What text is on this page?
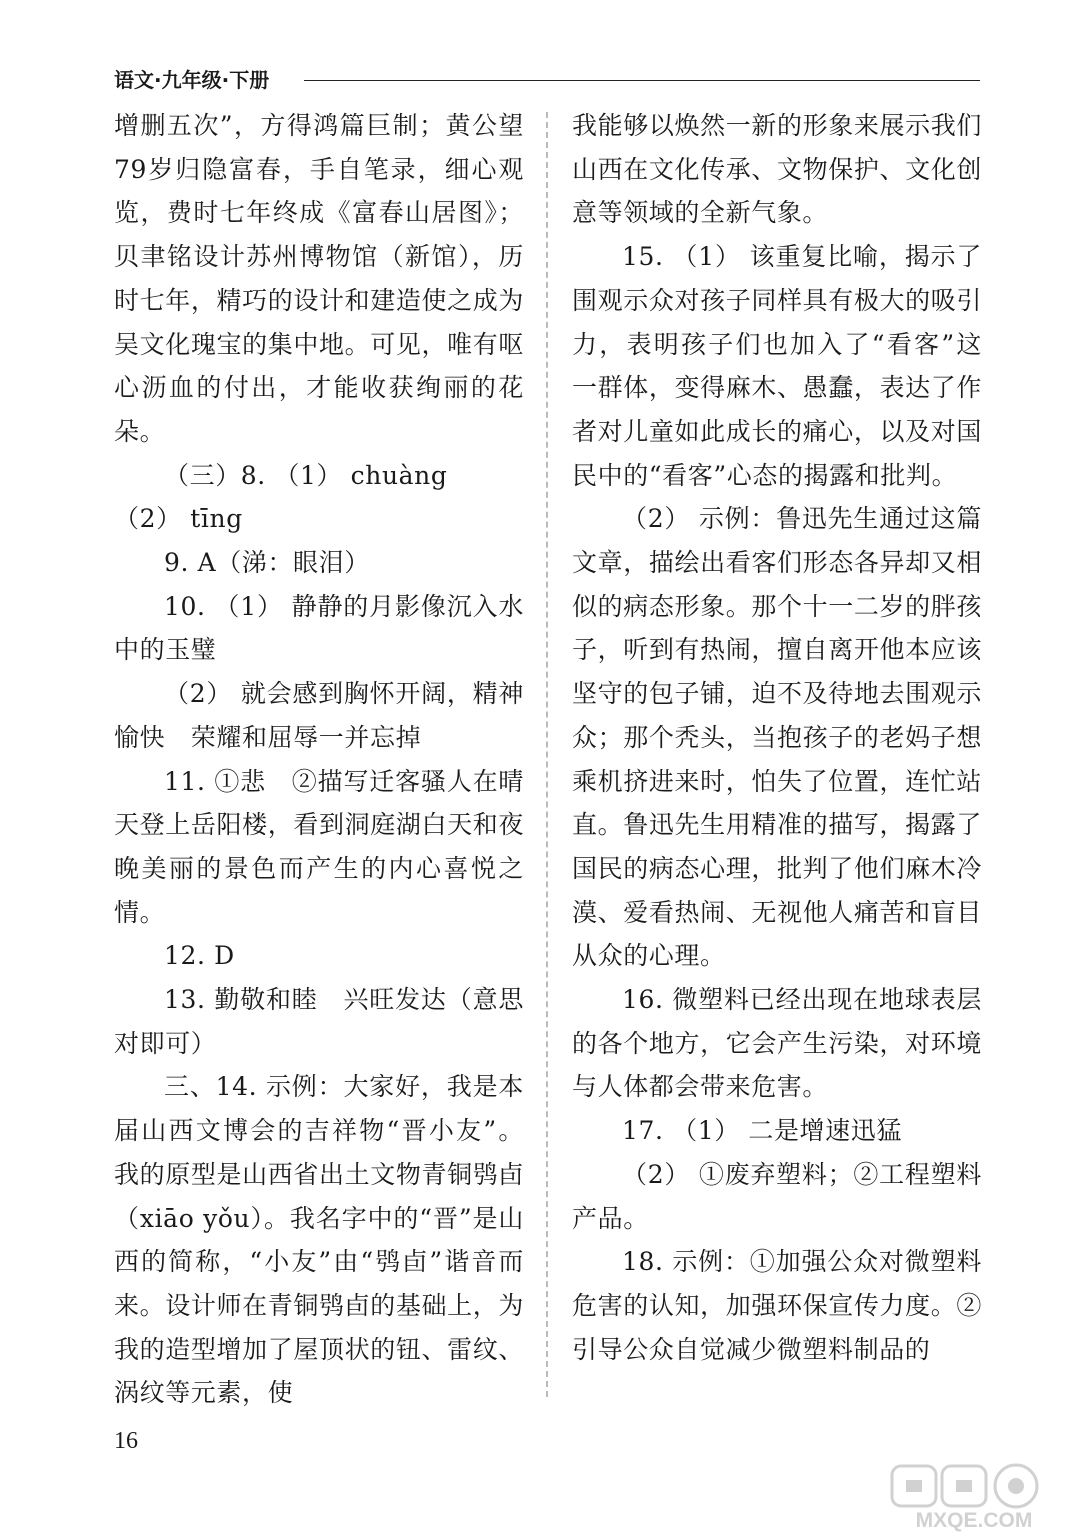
语文·九年级·下册

增删五次”，方得鸿篇巨制；黄公望79岁归隐富春，手自笔录，细心观览，费时七年终成《富春山居图》；贝聿铭设计苏州博物馆（新馆），历时七年，精巧的设计和建造使之成为吴文化瑰宝的集中地。可见，唯有呕心沥血的付出，才能收获绚丽的花朵。

（三）8. （1） chuàng

（2） tīng

9. A（涕：眼泪）

10. （1） 静静的月影像沉入水中的玉璧

（2） 就会感到胸怀开阔，精神愉快　荣耀和屈辱一并忘掉

11. ①悲　②描写迁客骚人在晴天登上岳阳楼，看到洞庭湖白天和夜晚美丽的景色而产生的内心喜悦之情。

12. D

13. 勤敬和睦　兴旺发达（意思对即可）

三、14. 示例：大家好，我是本届山西文博会的吉祥物“晋小友”。我的原型是山西省出土文物青铜鸮卣（xiāo yǒu）。我名字中的“晋”是山西的简称，“小友”由“鸮卣”谐音而来。设计师在青铜鸮卣的基础上，为我的造型增加了屋顶状的钮、雷纹、涡纹等元素，使

我能够以焕然一新的形象来展示我们山西在文化传承、文物保护、文化创意等领域的全新气象。

15. （1） 该重复比喻，揭示了围观示众对孩子同样具有极大的吸引力，表明孩子们也加入了“看客”这一群体，变得麻木、愚蠢，表达了作者对儿童如此成长的痛心，以及对国民中的“看客”心态的揭露和批判。

（2） 示例：鲁迅先生通过这篇文章，描绘出看客们形态各异却又相似的病态形象。那个十一二岁的胖孩子，听到有热闹，擅自离开他本应该坚守的包子铺，迫不及待地去围观示众；那个秃头，当抱孩子的老妈子想乘机挤进来时，怕失了位置，连忙站直。鲁迅先生用精准的描写，揭露了国民的病态心理，批判了他们麻木冷漠、爱看热闹、无视他人痛苦和盲目从众的心理。

16. 微塑料已经出现在地球表层的各个地方，它会产生污染，对环境与人体都会带来危害。

17. （1） 二是增速迅猛

（2） ①废弃塑料；②工程塑料产品。

18. 示例：①加强公众对微塑料危害的认知，加强环保宣传力度。②引导公众自觉减少微塑料制品的

16
MXQE.COM
